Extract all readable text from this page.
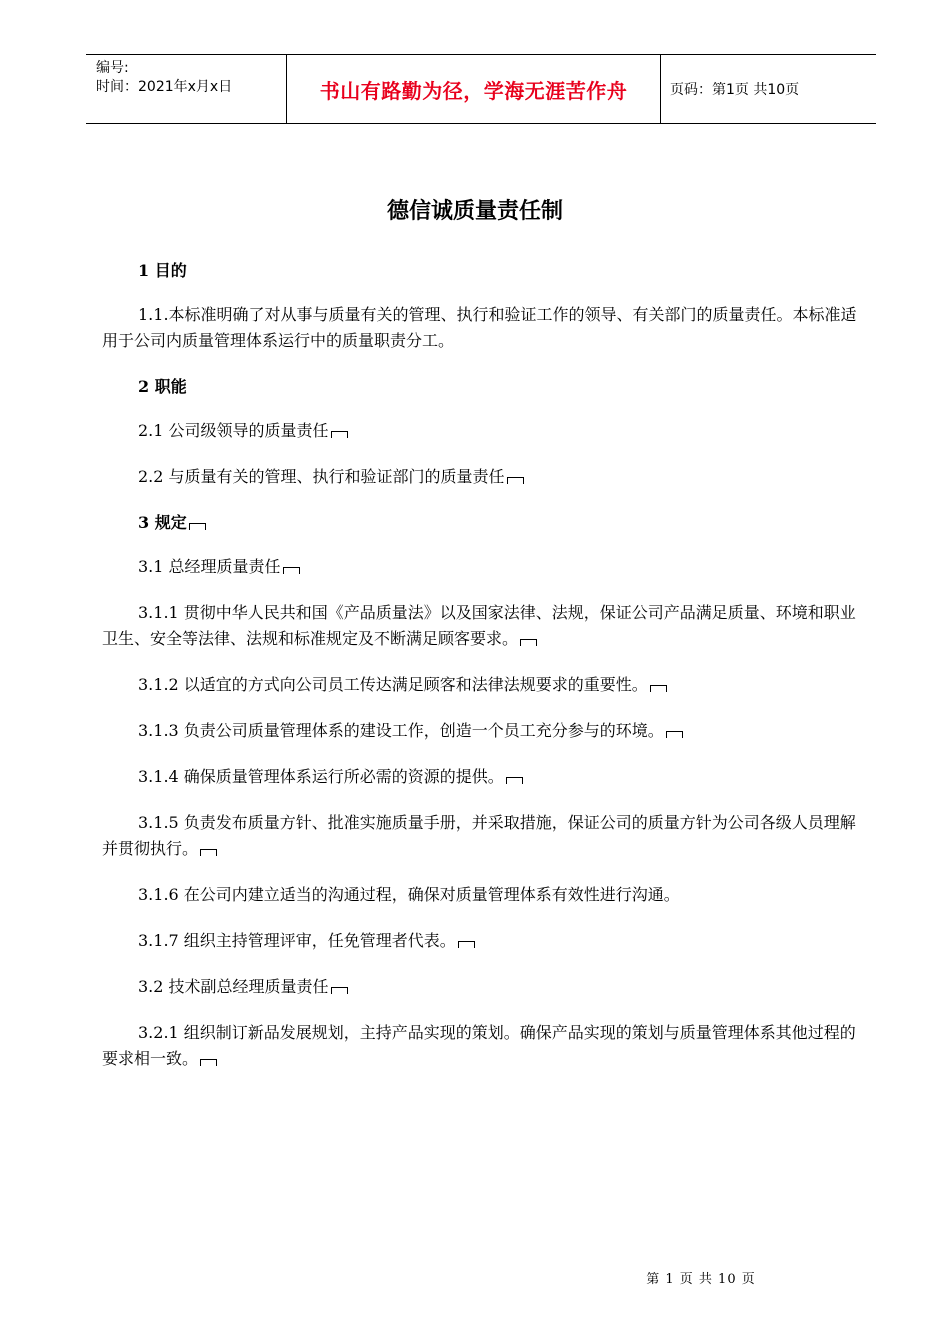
编号:
时间：2021年x月x日	书山有路勤为径，学海无涯苦作舟	页码：第1页 共10页
德信诚质量责任制
1 目的
1.1.本标准明确了对从事与质量有关的管理、执行和验证工作的领导、有关部门的质量责任。本标准适用于公司内质量管理体系运行中的质量职责分工。
2 职能
2.1 公司级领导的质量责任
2.2 与质量有关的管理、执行和验证部门的质量责任
3 规定
3.1 总经理质量责任
3.1.1 贯彻中华人民共和国《产品质量法》以及国家法律、法规，保证公司产品满足质量、环境和职业卫生、安全等法律、法规和标准规定及不断满足顾客要求。
3.1.2 以适宜的方式向公司员工传达满足顾客和法律法规要求的重要性。
3.1.3 负责公司质量管理体系的建设工作，创造一个员工充分参与的环境。
3.1.4 确保质量管理体系运行所必需的资源的提供。
3.1.5 负责发布质量方针、批准实施质量手册，并采取措施，保证公司的质量方针为公司各级人员理解并贯彻执行。
3.1.6 在公司内建立适当的沟通过程，确保对质量管理体系有效性进行沟通。
3.1.7 组织主持管理评审，任免管理者代表。
3.2 技术副总经理质量责任
3.2.1 组织制订新品发展规划，主持产品实现的策划。确保产品实现的策划与质量管理体系其他过程的要求相一致。
第 1 页 共 10 页
